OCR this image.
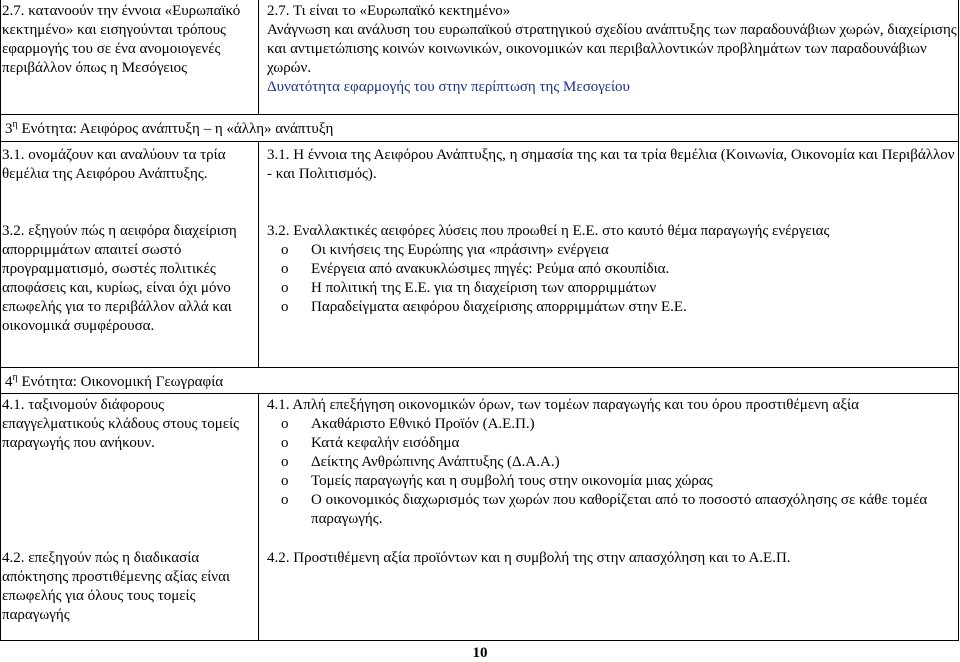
2.7. κατανοούν την έννοια «Ευρωπαϊκό κεκτημένο» και εισηγούνται τρόπους εφαρμογής του σε ένα ανομοιογενές περιβάλλον όπως η Μεσόγειος

2.7. Τι είναι το «Ευρωπαϊκό κεκτημένο»
Ανάγνωση και ανάλυση του ευρωπαϊκού στρατηγικού σχεδίου ανάπτυξης των παραδουνάβιων χωρών, διαχείρισης και αντιμετώπισης κοινών κοινωνικών, οικονομικών και περιβαλλοντικών προβλημάτων των παραδουνάβιων χωρών.
Δυνατότητα εφαρμογής του στην περίπτωση της Μεσογείου
$3^\eta$ Ενότητα: Αειφόρος ανάπτυξη – η «άλλη» ανάπτυξη

3.1. ονομάζουν και αναλύουν τα τρία θεμέλια της Αειφόρου Ανάπτυξης.

3.1. Η έννοια της Αειφόρου Ανάπτυξης, η σημασία της και τα τρία θεμέλια (Κοινωνία, Οικονομία και Περιβάλλον - και Πολιτισμός).

3.2. εξηγούν πώς η αειφόρα διαχείριση απορριμμάτων απαιτεί σωστό προγραμματισμό, σωστές πολιτικές αποφάσεις και, κυρίως, είναι όχι μόνο επωφελής για το περιβάλλον αλλά και οικονομικά συμφέρουσα.

3.2. Εναλλακτικές αειφόρες λύσεις που προωθεί η Ε.Ε. στο καυτό θέμα παραγωγής ενέργειας
o Οι κινήσεις της Ευρώπης για «πράσινη» ενέργεια
o Ενέργεια από ανακυκλώσιμες πηγές: Ρεύμα από σκουπίδια.
o Η πολιτική της Ε.Ε. για τη διαχείριση των απορριμμάτων
o Παραδείγματα αειφόρου διαχείρισης απορριμμάτων στην Ε.Ε.
$4^\eta$ Ενότητα: Οικονομική Γεωγραφία

4.1. ταξινομούν διάφορους επαγγελματικούς κλάδους στους τομείς παραγωγής που ανήκουν.

4.1. Απλή επεξήγηση οικονομικών όρων, των τομέων παραγωγής και του όρου προστιθέμενη αξία
o Ακαθάριστο Εθνικό Προϊόν (Α.Ε.Π.)
o Κατά κεφαλήν εισόδημα
o Δείκτης Ανθρώπινης Ανάπτυξης (Δ.Α.Α.)
o Τομείς παραγωγής και η συμβολή τους στην οικονομία μιας χώρας
o Ο οικονομικός διαχωρισμός των χωρών που καθορίζεται από το ποσοστό απασχόλησης σε κάθε τομέα παραγωγής.

4.2. επεξηγούν πώς η διαδικασία απόκτησης προστιθέμενης αξίας είναι επωφελής για όλους τους τομείς παραγωγής

4.2. Προστιθέμενη αξία προϊόντων και η συμβολή της στην απασχόληση και το Α.Ε.Π.

10
